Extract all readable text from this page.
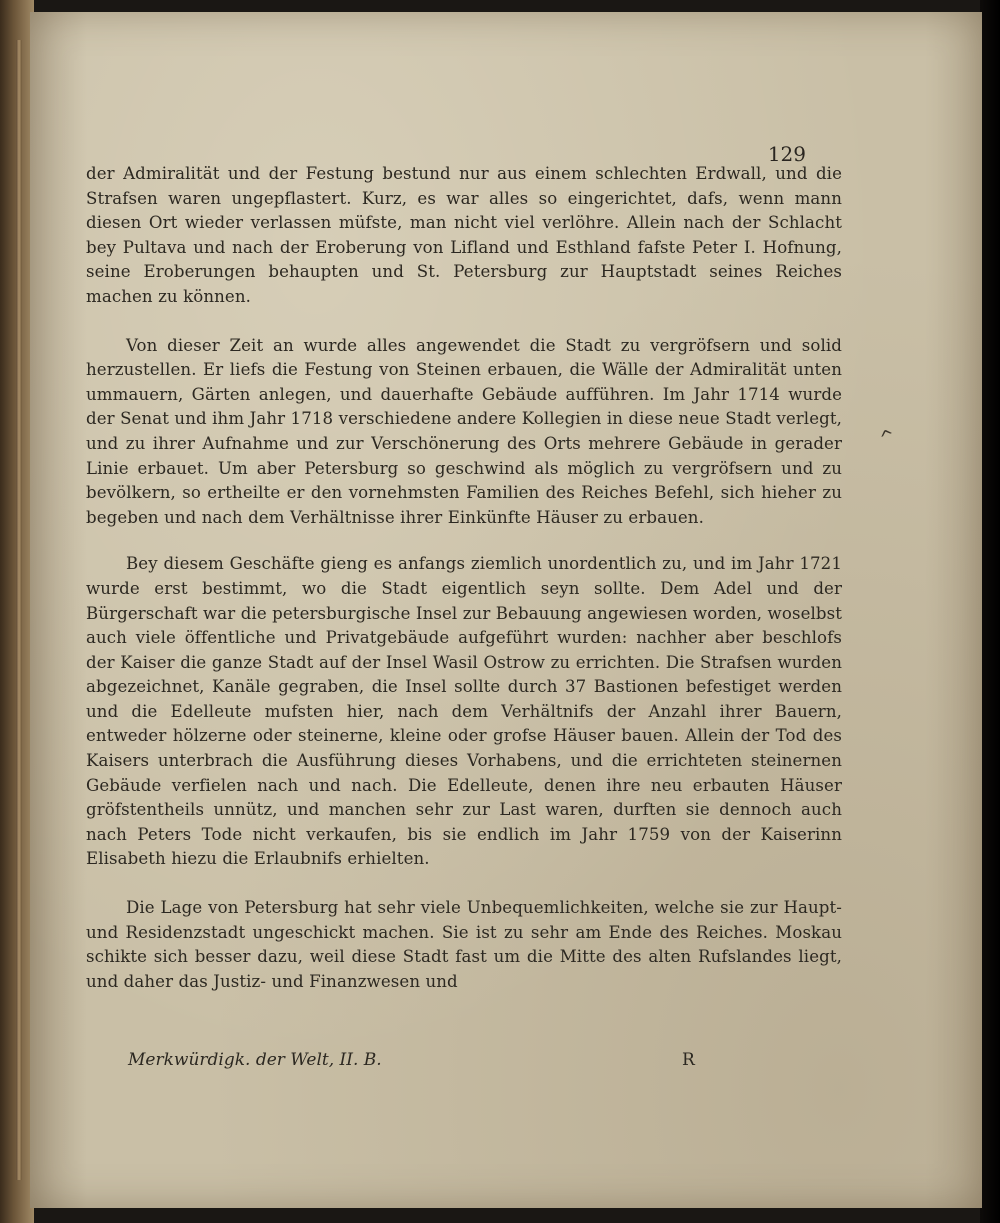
129

der Admiralität und der Festung bestund nur aus einem schlechten Erdwall, und die Strafsen waren ungepflastert. Kurz, es war alles so eingerichtet, dafs, wenn mann diesen Ort wieder verlassen müfste, man nicht viel verlöhre. Allein nach der Schlacht bey Pultava und nach der Eroberung von Lifland und Esthland fafste Peter I. Hofnung, seine Eroberungen behaupten und St. Petersburg zur Hauptstadt seines Reiches machen zu können.

Von dieser Zeit an wurde alles angewendet die Stadt zu vergröfsern und solid herzustellen. Er liefs die Festung von Steinen erbauen, die Wälle der Admiralität unten ummauern, Gärten anlegen, und dauerhafte Gebäude aufführen. Im Jahr 1714 wurde der Senat und ihm Jahr 1718 verschiedene andere Kollegien in diese neue Stadt verlegt, und zu ihrer Aufnahme und zur Verschönerung des Orts mehrere Gebäude in gerader Linie erbauet. Um aber Petersburg so geschwind als möglich zu vergröfsern und zu bevölkern, so ertheilte er den vornehmsten Familien des Reiches Befehl, sich hieher zu begeben und nach dem Verhältnisse ihrer Einkünfte Häuser zu erbauen.

Bey diesem Geschäfte gieng es anfangs ziemlich unordentlich zu, und im Jahr 1721 wurde erst bestimmt, wo die Stadt eigentlich seyn sollte. Dem Adel und der Bürgerschaft war die petersburgische Insel zur Bebauung angewiesen worden, woselbst auch viele öffentliche und Privatgebäude aufgeführt wurden: nachher aber beschlofs der Kaiser die ganze Stadt auf der Insel Wasil Ostrow zu errichten. Die Strafsen wurden abgezeichnet, Kanäle gegraben, die Insel sollte durch 37 Bastionen befestiget werden und die Edelleute mufsten hier, nach dem Verhältnifs der Anzahl ihrer Bauern, entweder hölzerne oder steinerne, kleine oder grofse Häuser bauen. Allein der Tod des Kaisers unterbrach die Ausführung dieses Vorhabens, und die errichteten steinernen Gebäude verfielen nach und nach. Die Edelleute, denen ihre neu erbauten Häuser gröfstentheils unnütz, und manchen sehr zur Last waren, durften sie dennoch auch nach Peters Tode nicht verkaufen, bis sie endlich im Jahr 1759 von der Kaiserinn Elisabeth hiezu die Erlaubnifs erhielten.

Die Lage von Petersburg hat sehr viele Unbequemlichkeiten, welche sie zur Haupt-und Residenzstadt ungeschickt machen. Sie ist zu sehr am Ende des Reiches. Moskau schikte sich besser dazu, weil diese Stadt fast um die Mitte des alten Rufslandes liegt, und daher das Justiz- und Finanzwesen und

^
Merkwürdigk. der Welt, II. B.	R
